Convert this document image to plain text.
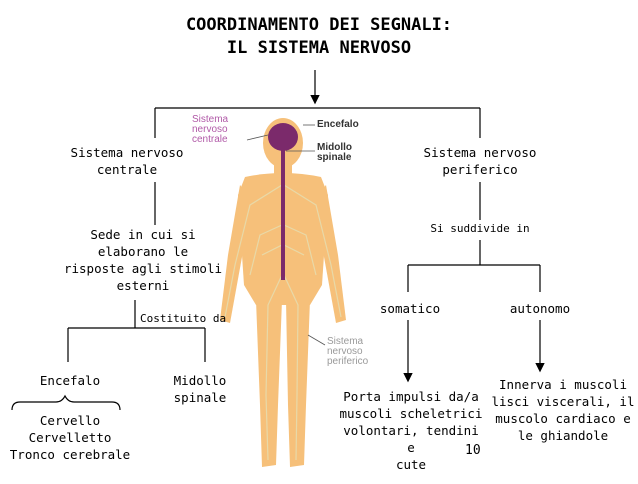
COORDINAMENTO DEI SEGNALI:
IL SISTEMA NERVOSO
Sistema
nervoso
centrale
Encefalo
Midollo
spinale
Sistema
nervoso
periferico
Sistema nervoso
centrale
Sede in cui si
elaborano le
risposte agli stimoli
esterni
Costituito da
Encefalo	Midollo
spinale
Cervello
Cervelletto
Tronco cerebrale
Sistema nervoso
periferico
Si suddivide in
somatico	autonomo
Porta impulsi da/a
muscoli scheletrici
volontari, tendini e
cute
Innerva i muscoli
lisci viscerali, il
muscolo cardiaco e
le ghiandole
10
